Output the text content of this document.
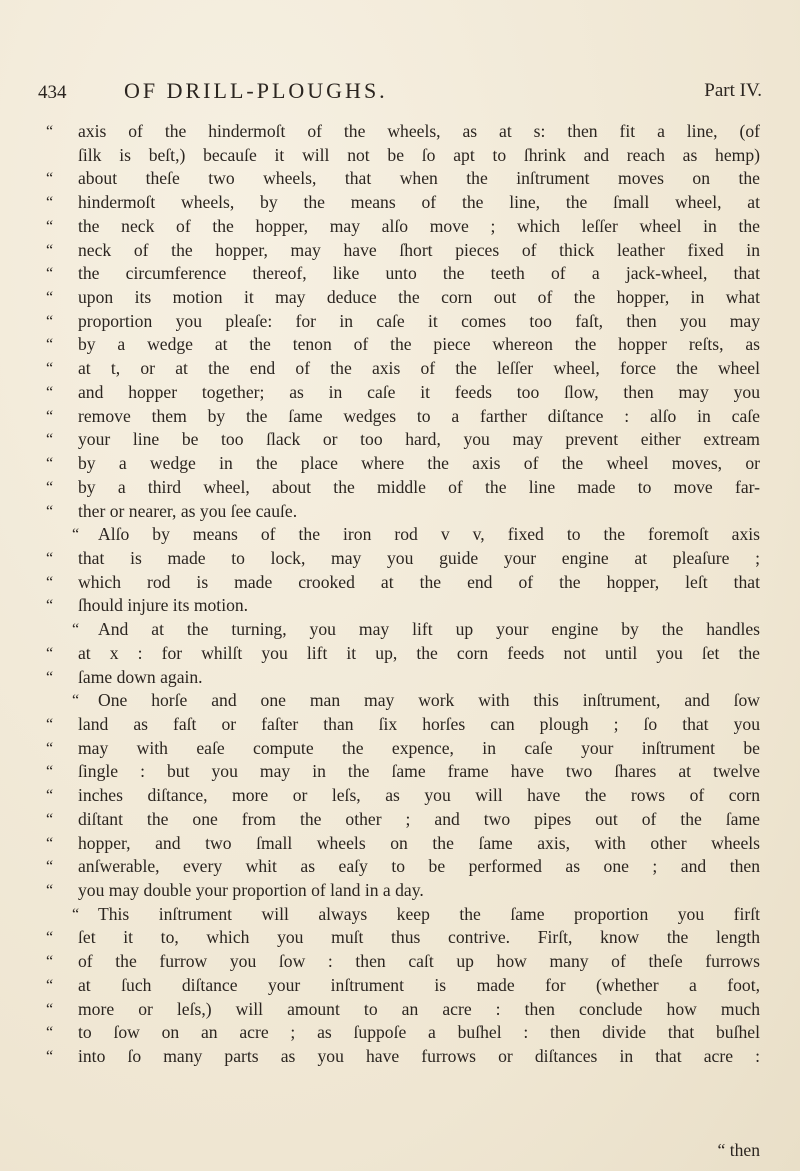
434	OF DRILL-PLOUGHS.	Part IV.
“ axis of the hindermoſt of the wheels, as at s: then fit a line, (of
ſilk is beſt,) becauſe it will not be ſo apt to ſhrink and reach as hemp)
“ about theſe two wheels, that when the inſtrument moves on the
“ hindermoſt wheels, by the means of the line, the ſmall wheel, at
“ the neck of the hopper, may alſo move ; which leſſer wheel in the
“ neck of the hopper, may have ſhort pieces of thick leather fixed in
“ the circumference thereof, like unto the teeth of a jack-wheel, that
“ upon its motion it may deduce the corn out of the hopper, in what
“ proportion you pleaſe: for in caſe it comes too faſt, then you may
“ by a wedge at the tenon of the piece whereon the hopper reſts, as
“ at t, or at the end of the axis of the leſſer wheel, force the wheel
“ and hopper together; as in caſe it feeds too ſlow, then may you
“ remove them by the ſame wedges to a farther diſtance : alſo in caſe
“ your line be too ſlack or too hard, you may prevent either extream
“ by a wedge in the place where the axis of the wheel moves, or
“ by a third wheel, about the middle of the line made to move far-
“ ther or nearer, as you ſee cauſe.
“ Alſo by means of the iron rod v v, fixed to the foremoſt axis
“ that is made to lock, may you guide your engine at pleaſure ;
“ which rod is made crooked at the end of the hopper, leſt that
“ ſhould injure its motion.
“ And at the turning, you may lift up your engine by the handles
“ at x : for whilſt you lift it up, the corn feeds not until you ſet the
“ ſame down again.
“ One horſe and one man may work with this inſtrument, and ſow
“ land as faſt or faſter than ſix horſes can plough ; ſo that you
“ may with eaſe compute the expence, in caſe your inſtrument be
“ ſingle : but you may in the ſame frame have two ſhares at twelve
“ inches diſtance, more or leſs, as you will have the rows of corn
“ diſtant the one from the other ; and two pipes out of the ſame
“ hopper, and two ſmall wheels on the ſame axis, with other wheels
“ anſwerable, every whit as eaſy to be performed as one ; and then
“ you may double your proportion of land in a day.
“ This inſtrument will always keep the ſame proportion you firſt
“ ſet it to, which you muſt thus contrive. Firſt, know the length
“ of the furrow you ſow : then caſt up how many of theſe furrows
“ at ſuch diſtance your inſtrument is made for (whether a foot,
“ more or leſs,) will amount to an acre : then conclude how much
“ to ſow on an acre ; as ſuppoſe a buſhel : then divide that buſhel
“ into ſo many parts as you have furrows or diſtances in that acre :
“ then
